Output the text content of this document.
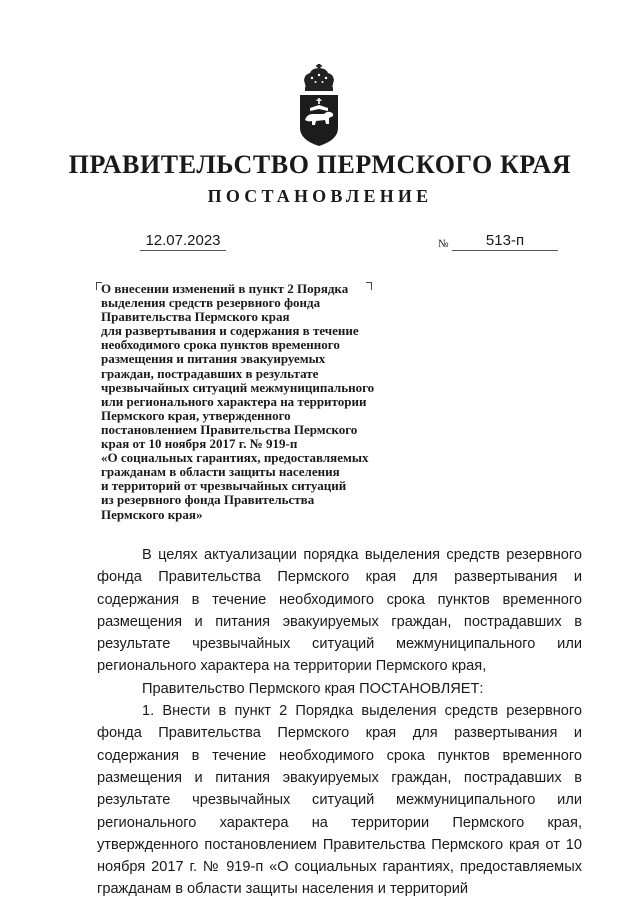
ПРАВИТЕЛЬСТВО ПЕРМСКОГО КРАЯ
ПОСТАНОВЛЕНИЕ
12.07.2023	№	513-п
О внесении изменений в пункт 2 Порядка
выделения средств резервного фонда
Правительства Пермского края
для развертывания и содержания в течение
необходимого срока пунктов временного
размещения и питания эвакуируемых
граждан, пострадавших в результате
чрезвычайных ситуаций межмуниципального
или регионального характера на территории
Пермского края, утвержденного
постановлением Правительства Пермского
края от 10 ноября 2017 г. № 919-п
«О социальных гарантиях, предоставляемых
гражданам в области защиты населения
и территорий от чрезвычайных ситуаций
из резервного фонда Правительства
Пермского края»

В целях актуализации порядка выделения средств резервного фонда Правительства Пермского края для развертывания и содержания в течение необходимого срока пунктов временного размещения и питания эвакуируемых граждан, пострадавших в результате чрезвычайных ситуаций межмуниципального или регионального характера на территории Пермского края,

Правительство Пермского края ПОСТАНОВЛЯЕТ:

1. Внести в пункт 2 Порядка выделения средств резервного фонда Правительства Пермского края для развертывания и содержания в течение необходимого срока пунктов временного размещения и питания эвакуируемых граждан, пострадавших в результате чрезвычайных ситуаций межмуниципального или регионального характера на территории Пермского края, утвержденного постановлением Правительства Пермского края от 10 ноября 2017 г. № 919-п «О социальных гарантиях, предоставляемых гражданам в области защиты населения и территорий
